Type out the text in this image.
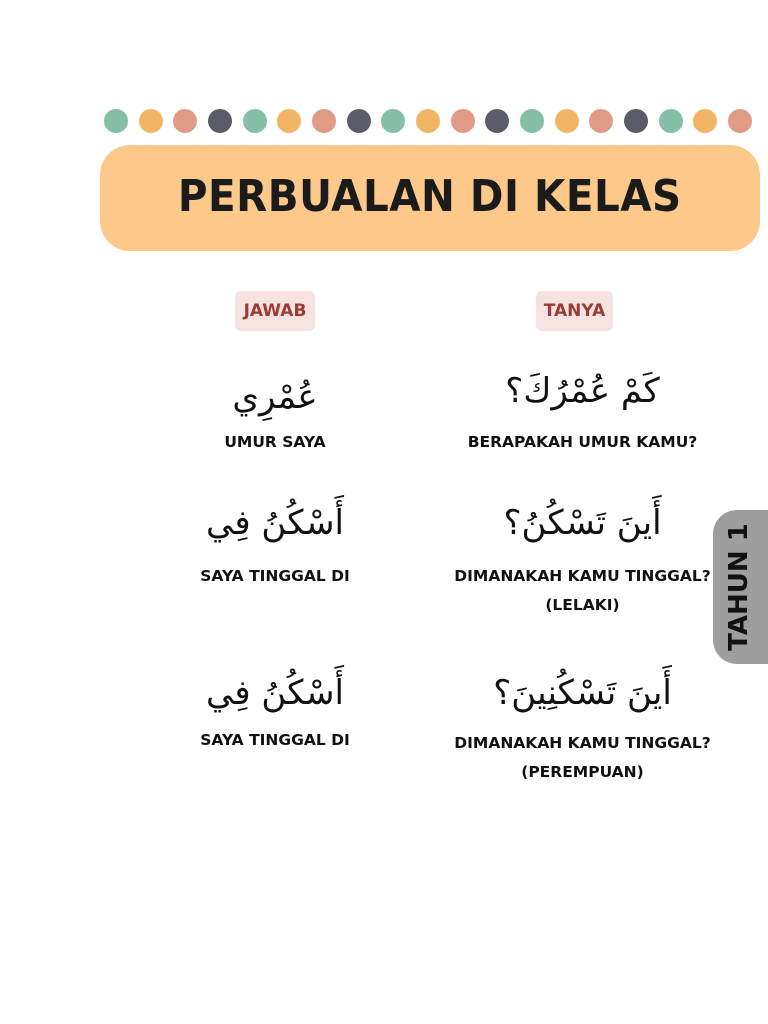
PERBUALAN DI KELAS
JAWAB	TANYA
عُمْرِي
UMUR SAYA
كَمْ عُمْرُكَ؟
BERAPAKAH UMUR KAMU?
أَسْكُنُ فِي
SAYA TINGGAL DI
أَينَ تَسْكُنُ؟
DIMANAKAH KAMU TINGGAL?
(LELAKI)
أَسْكُنُ فِي
SAYA TINGGAL DI
أَينَ تَسْكُنِينَ؟
DIMANAKAH KAMU TINGGAL?
(PEREMPUAN)
TAHUN 1
